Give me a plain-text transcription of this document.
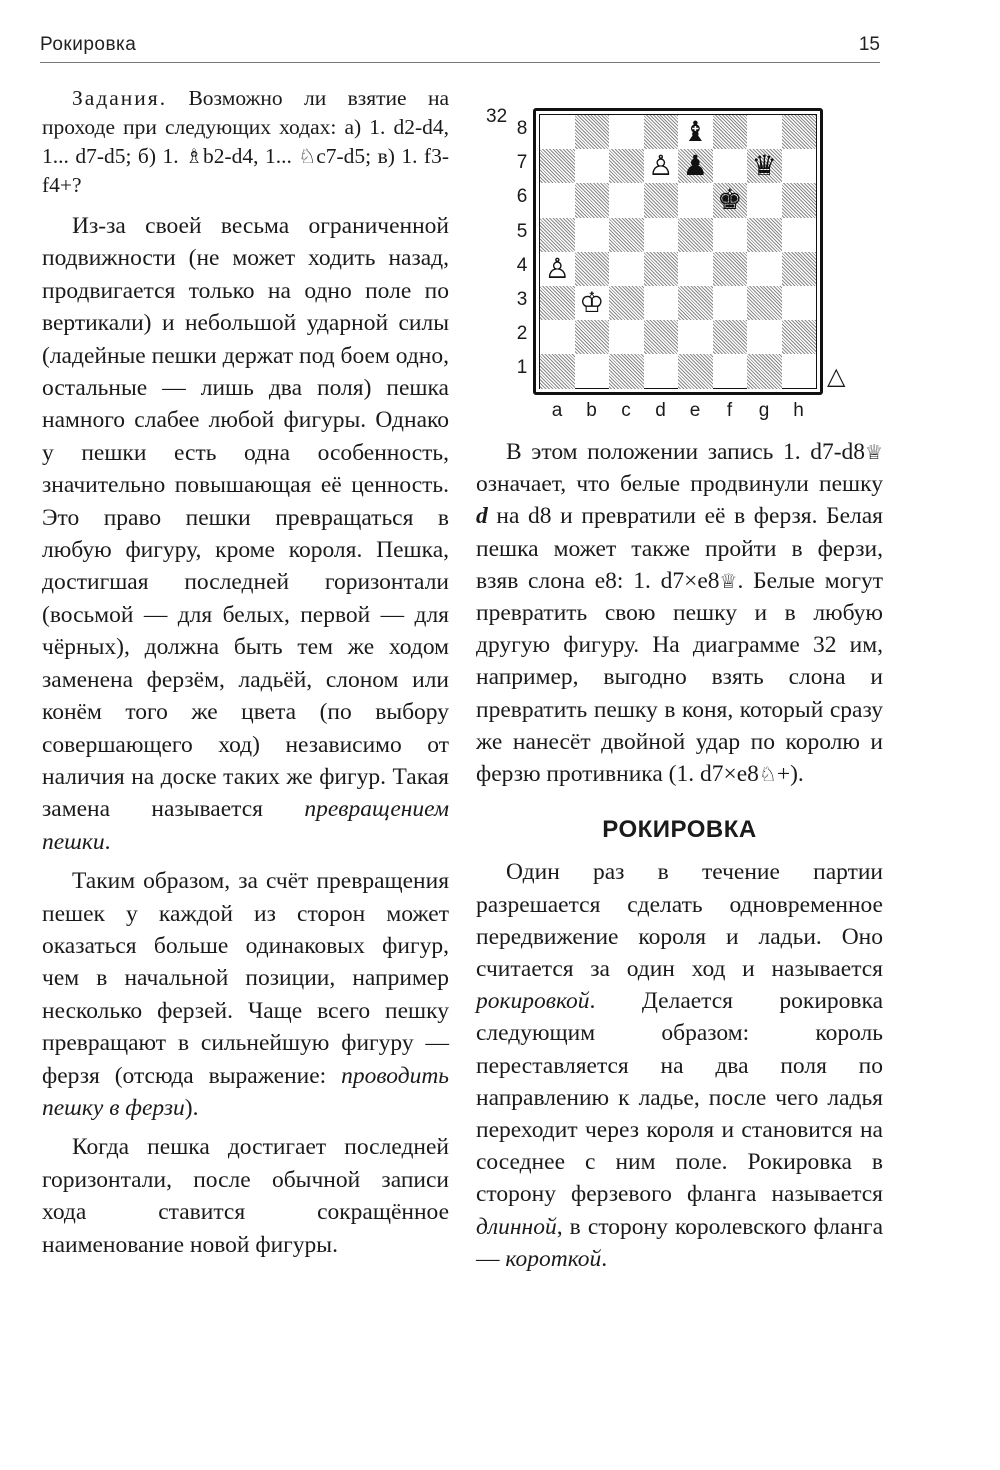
Рокировка	15

Задания. Возможно ли взятие на проходе при следующих ходах: а) 1. d2-d4, 1... d7-d5; б) 1. ♗b2-d4, 1... ♘c7-d5; в) 1. f3-f4+?

Из-за своей весьма ограниченной подвижности (не может ходить назад, продвигается только на одно поле по вертикали) и небольшой ударной силы (ладейные пешки держат под боем одно, остальные — лишь два поля) пешка намного слабее любой фигуры. Однако у пешки есть одна особенность, значительно повышающая её ценность. Это право пешки превращаться в любую фигуру, кроме короля. Пешка, достигшая последней горизонтали (восьмой — для белых, первой — для чёрных), должна быть тем же ходом заменена ферзём, ладьёй, слоном или конём того же цвета (по выбору совершающего ход) независимо от наличия на доске таких же фигур. Такая замена называется превращением пешки.

Таким образом, за счёт превращения пешек у каждой из сторон может оказаться больше одинаковых фигур, чем в начальной позиции, например несколько ферзей. Чаще всего пешку превращают в сильнейшую фигуру — ферзя (отсюда выражение: проводить пешку в ферзи).

Когда пешка достигает последней горизонтали, после обычной записи хода ставится сокращённое наименование новой фигуры.

32
8
7
6
5
4
3
2
1
a b c d e	f	g h
♝
♙ ♟ ♛
♚
♙
♔
△

В этом положении запись 1. d7-d8♕ означает, что белые продвинули пешку d на d8 и превратили её в ферзя. Белая пешка может также пройти в ферзи, взяв слона е8: 1. d7×e8♕. Белые могут превратить свою пешку и в любую другую фигуру. На диаграмме 32 им, например, выгодно взять слона и превратить пешку в коня, который сразу же нанесёт двойной удар по королю и ферзю противника (1. d7×e8♘+).

РОКИРОВКА

Один раз в течение партии разрешается сделать одновременное передвижение короля и ладьи. Оно считается за один ход и называется рокировкой. Делается рокировка следующим образом: король переставляется на два поля по направлению к ладье, после чего ладья переходит через короля и становится на соседнее с ним поле. Рокировка в сторону ферзевого фланга называется длинной, в сторону королевского фланга — короткой.
